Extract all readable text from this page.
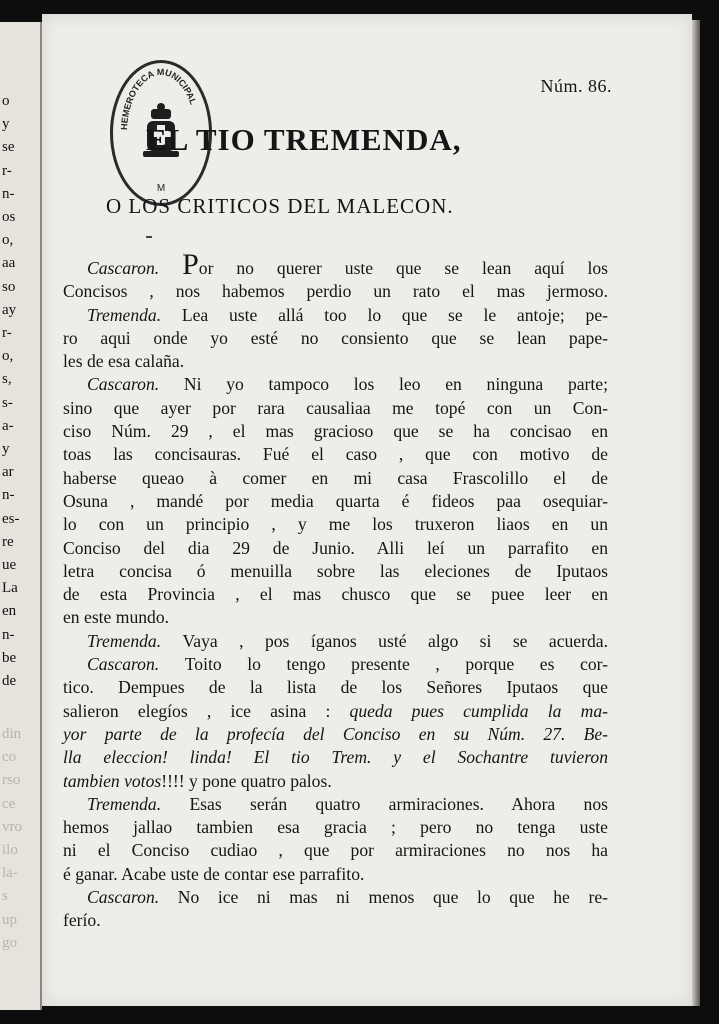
o
y
se
r-
n-
os
o,
aa
so
ay
r-
o,
s,
s-
a-
y
ar
n-
es-
re
ue
La
en
n-
be
de
din
co
rso
ce
vro
ilo
la-
s
up
go
Núm. 86.
HEMEROTECA MUNICIPAL
M
EL TIO TREMENDA,
O LOS CRITICOS DEL MALECON.
Cascaron. Por no querer uste que se lean aquí los
Concisos , nos habemos perdio un rato el mas jermoso.
Tremenda. Lea uste allá too lo que se le antoje; pe-
ro aqui onde yo esté no consiento que se lean pape-
les de esa calaña.
Cascaron. Ni yo tampoco los leo en ninguna parte;
sino que ayer por rara causaliaa me topé con un Con-
ciso Núm. 29 , el mas gracioso que se ha concisao en
toas las concisauras. Fué el caso , que con motivo de
haberse queao à comer en mi casa Frascolillo el de
Osuna , mandé por media quarta é fideos paa osequiar-
lo con un principio , y me los truxeron liaos en un
Conciso del dia 29 de Junio. Alli leí un parrafito en
letra concisa ó menuilla sobre las eleciones de Iputaos
de esta Provincia , el mas chusco que se puee leer en
en este mundo.
Tremenda. Vaya , pos íganos usté algo si se acuerda.
Cascaron. Toito lo tengo presente , porque es cor-
tico. Dempues de la lista de los Señores Iputaos que
salieron elegíos , ice asina : queda pues cumplida la ma-
yor parte de la profecía del Conciso en su Núm. 27. Be-
lla eleccion! linda! El tio Trem. y el Sochantre tuvieron
tambien votos!!!! y pone quatro palos.
Tremenda. Esas serán quatro armiraciones. Ahora nos
hemos jallao tambien esa gracia ; pero no tenga uste
ni el Conciso cudiao , que por armiraciones no nos ha
é ganar. Acabe uste de contar ese parrafito.
Cascaron. No ice ni mas ni menos que lo que he re-
ferío.
